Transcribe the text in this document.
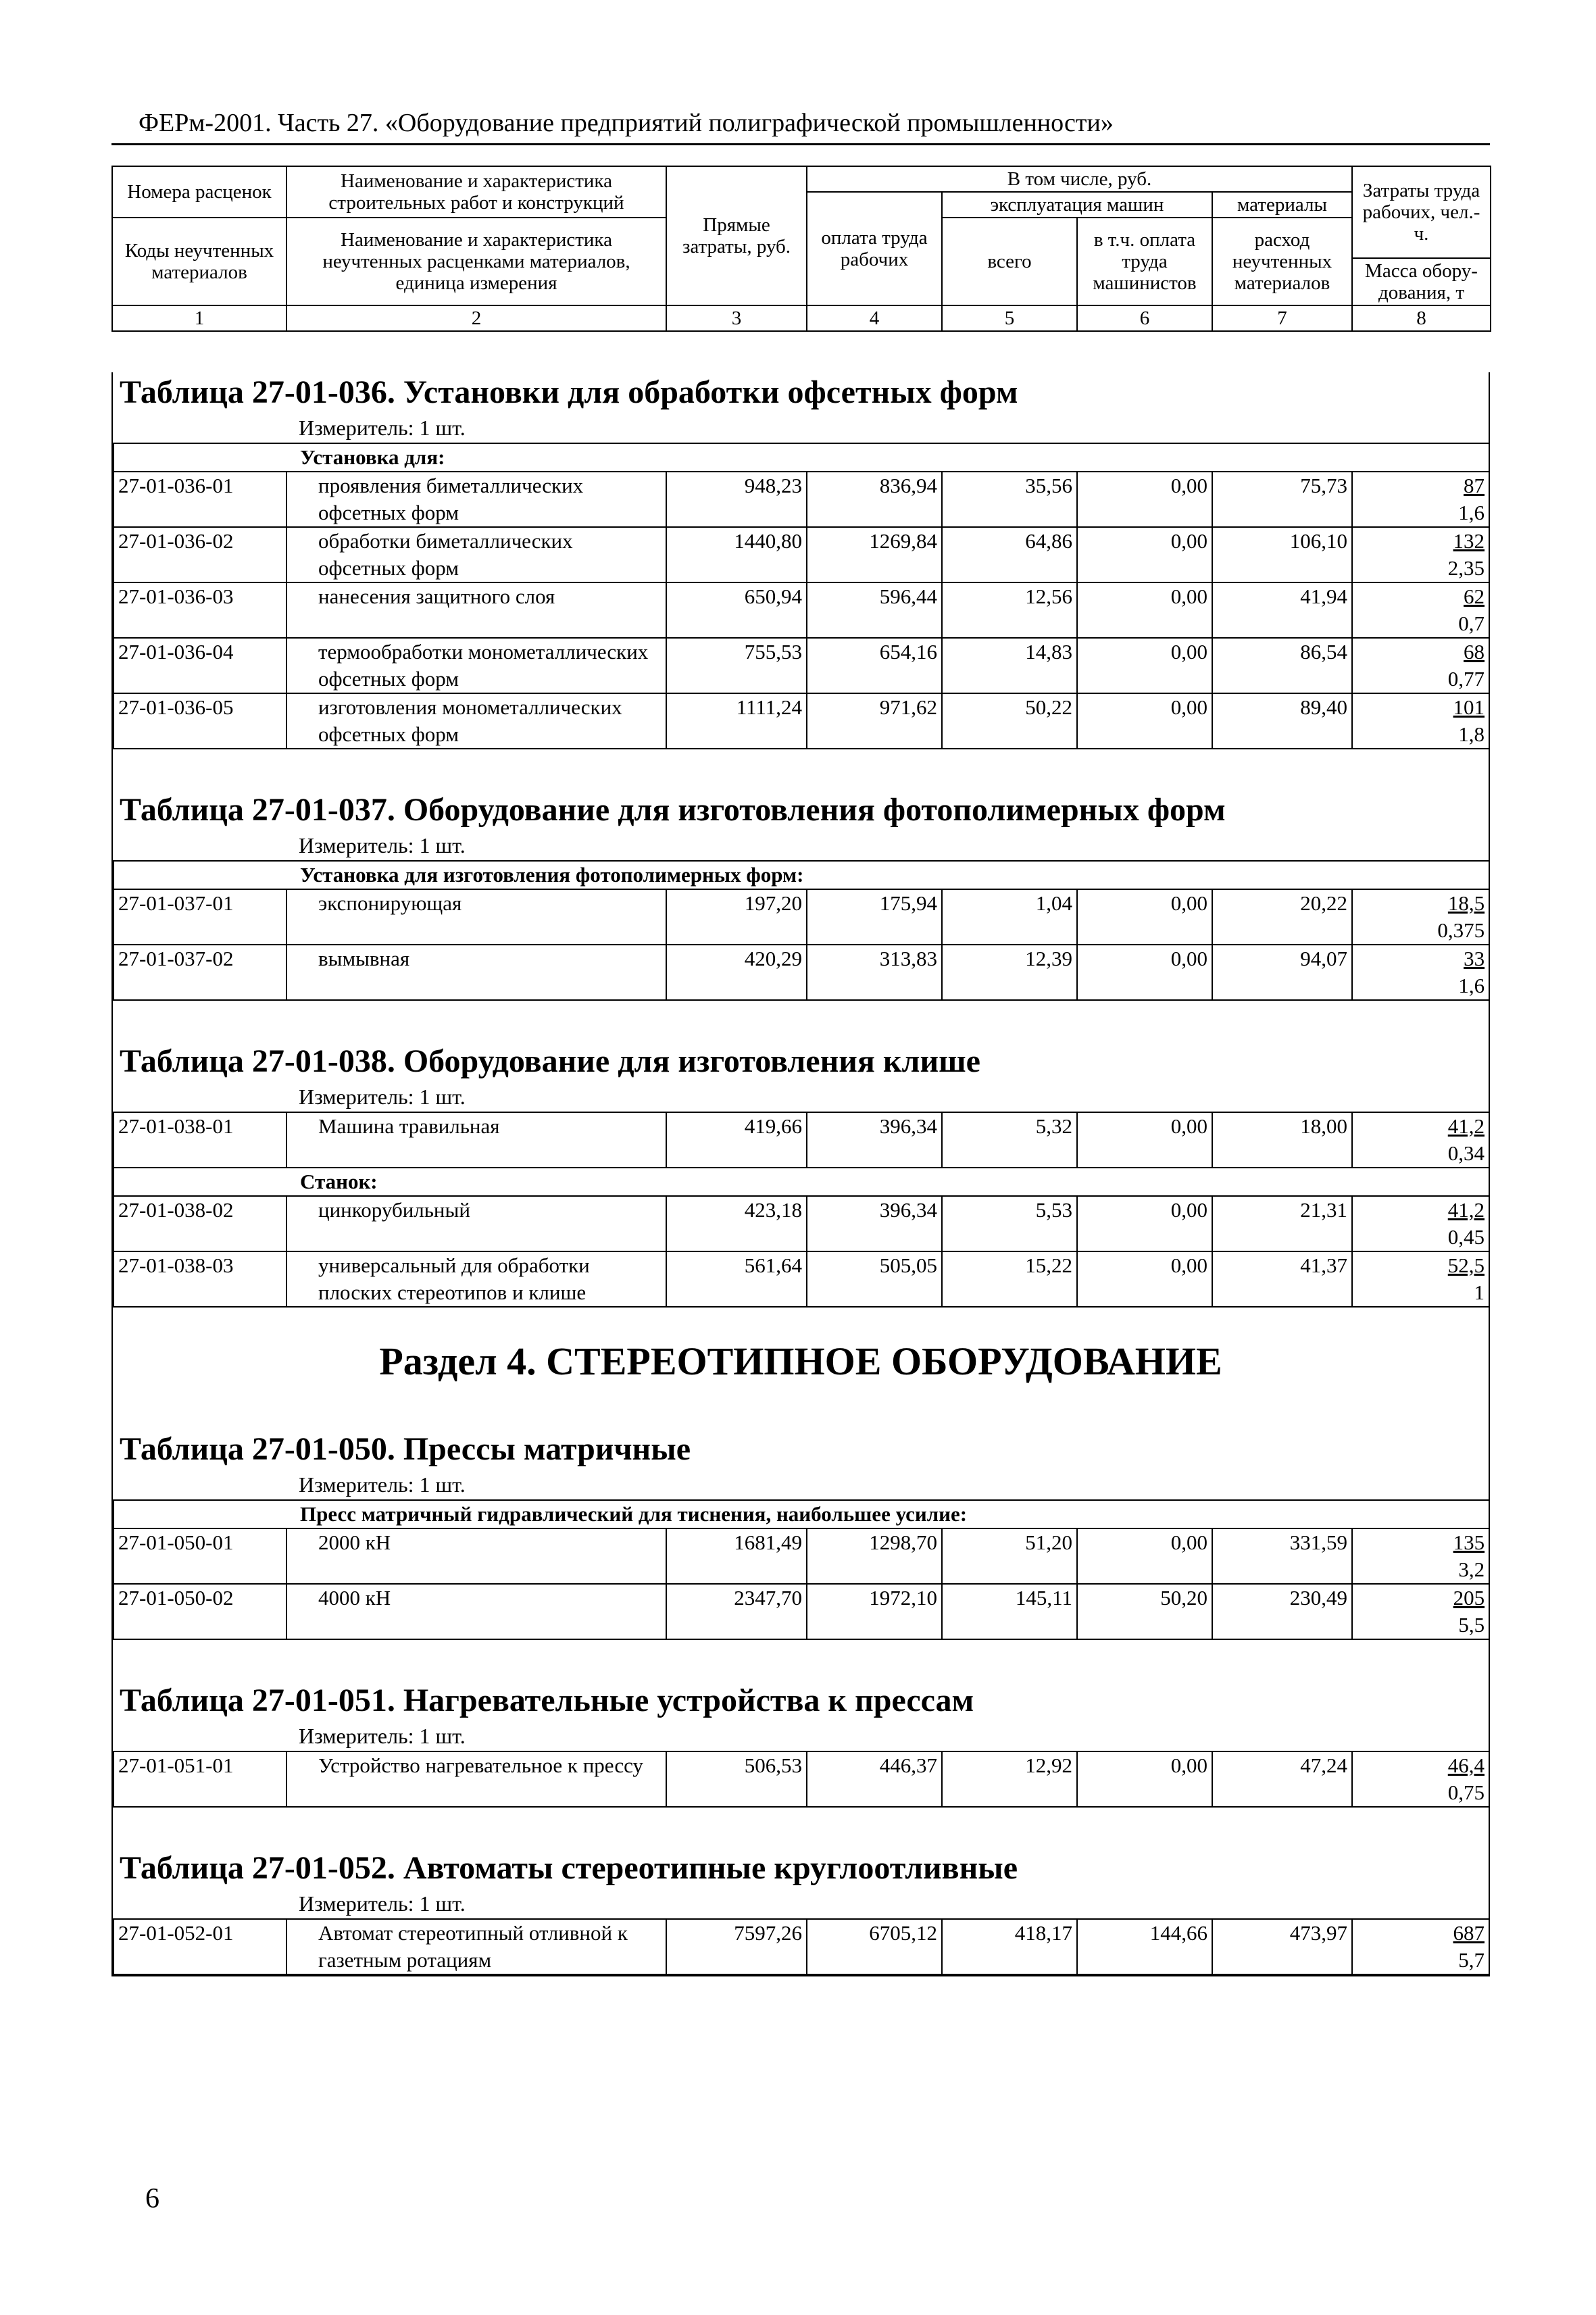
ФЕРм-2001. Часть 27. «Оборудование предприятий полиграфической промышленности»
Номера расценок	Наименование и характеристика строительных работ и конструкций	Прямые затраты, руб.	В том числе, руб.				Затраты труда рабочих, чел.-ч.
			оплата труда рабочих	эксплуатация машин		материалы	
Коды неучтенных материалов	Наименование и характеристика неучтенных расценками материалов, единица измерения			всего	в т.ч. оплата труда машинистов	расход неучтенных материалов	
							Масса обору-дования, т

1	2	3	4	5	6	7	8
Таблица 27-01-036. Установки для обработки офсетных форм
Измеритель: 1 шт.
Установка для:							
27-01-036-01	проявления биметаллических офсетных форм	948,23	836,94	35,56	0,00	75,73	87
1,6
27-01-036-02	обработки биметаллических офсетных форм	1440,80	1269,84	64,86	0,00	106,10	132
2,35
27-01-036-03	нанесения защитного слоя	650,94	596,44	12,56	0,00	41,94	62
0,7
27-01-036-04	термообработки монометаллических офсетных форм	755,53	654,16	14,83	0,00	86,54	68
0,77
27-01-036-05	изготовления монометаллических офсетных форм	1111,24	971,62	50,22	0,00	89,40	101
1,8
Таблица 27-01-037. Оборудование для изготовления фотополимерных форм
Измеритель: 1 шт.
Установка для изготовления фотополимерных форм:							
27-01-037-01	экспонирующая	197,20	175,94	1,04	0,00	20,22	18,5
0,375
27-01-037-02	вымывная	420,29	313,83	12,39	0,00	94,07	33
1,6
Таблица 27-01-038. Оборудование для изготовления клише
Измеритель: 1 шт.
27-01-038-01	Машина травильная	419,66	396,34	5,32	0,00	18,00	41,2
0,34
Станок:							
27-01-038-02	цинкорубильный	423,18	396,34	5,53	0,00	21,31	41,2
0,45
27-01-038-03	универсальный для обработки плоских стереотипов и клише	561,64	505,05	15,22	0,00	41,37	52,5
1
Раздел 4. СТЕРЕОТИПНОЕ ОБОРУДОВАНИЕ
Таблица 27-01-050. Прессы матричные
Измеритель: 1 шт.
Пресс матричный гидравлический для тиснения, наибольшее усилие:							
27-01-050-01	2000 кН	1681,49	1298,70	51,20	0,00	331,59	135
3,2
27-01-050-02	4000 кН	2347,70	1972,10	145,11	50,20	230,49	205
5,5
Таблица 27-01-051. Нагревательные устройства к прессам
Измеритель: 1 шт.
27-01-051-01	Устройство нагревательное к прессу	506,53	446,37	12,92	0,00	47,24	46,4
0,75
Таблица 27-01-052. Автоматы стереотипные круглоотливные
Измеритель: 1 шт.
27-01-052-01	Автомат стереотипный отливной к газетным ротациям	7597,26	6705,12	418,17	144,66	473,97	687
5,7
6
